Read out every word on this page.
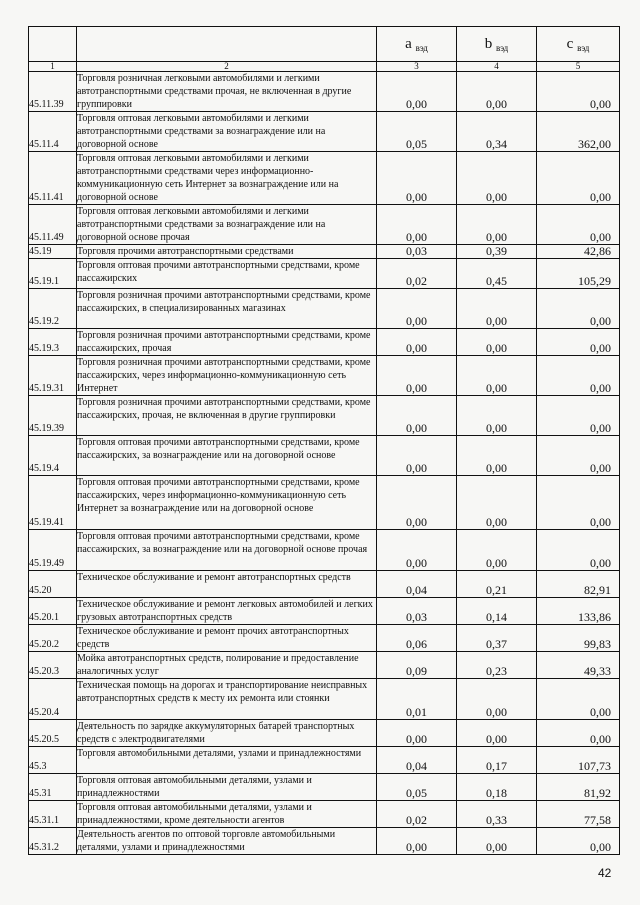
		a $_{вэд}$	b $_{вэд}$	c $_{вэд}$
1	2	3	4	5
45.11.39	Торговля розничная легковыми автомобилями и легкими автотранспортными средствами прочая, не включенная в другие группировки	0,00	0,00	0,00
45.11.4	Торговля оптовая легковыми автомобилями и легкими автотранспортными средствами за вознаграждение или на договорной основе	0,05	0,34	362,00
45.11.41	Торговля оптовая легковыми автомобилями и легкими автотранспортными средствами через информационно-коммуникационную сеть Интернет за вознаграждение или на договорной основе	0,00	0,00	0,00
45.11.49	Торговля оптовая легковыми автомобилями и легкими автотранспортными средствами за вознаграждение или на договорной основе прочая	0,00	0,00	0,00
45.19	Торговля прочими автотранспортными средствами	0,03	0,39	42,86
45.19.1	Торговля оптовая прочими автотранспортными средствами, кроме пассажирских	0,02	0,45	105,29
45.19.2	Торговля розничная прочими автотранспортными средствами, кроме пассажирских, в специализированных магазинах	0,00	0,00	0,00
45.19.3	Торговля розничная прочими автотранспортными средствами, кроме пассажирских, прочая	0,00	0,00	0,00
45.19.31	Торговля розничная прочими автотранспортными средствами, кроме пассажирских, через информационно-коммуникационную сеть Интернет	0,00	0,00	0,00
45.19.39	Торговля розничная прочими автотранспортными средствами, кроме пассажирских, прочая, не включенная в другие группировки	0,00	0,00	0,00
45.19.4	Торговля оптовая прочими автотранспортными средствами, кроме пассажирских, за вознаграждение или на договорной основе	0,00	0,00	0,00
45.19.41	Торговля оптовая прочими автотранспортными средствами, кроме пассажирских, через информационно-коммуникационную сеть Интернет за вознаграждение или на договорной основе	0,00	0,00	0,00
45.19.49	Торговля оптовая прочими автотранспортными средствами, кроме пассажирских, за вознаграждение или на договорной основе прочая	0,00	0,00	0,00
45.20	Техническое обслуживание и ремонт автотранспортных средств	0,04	0,21	82,91
45.20.1	Техническое обслуживание и ремонт легковых автомобилей и легких грузовых автотранспортных средств	0,03	0,14	133,86
45.20.2	Техническое обслуживание и ремонт прочих автотранспортных средств	0,06	0,37	99,83
45.20.3	Мойка автотранспортных средств, полирование и предоставление аналогичных услуг	0,09	0,23	49,33
45.20.4	Техническая помощь на дорогах и транспортирование неисправных автотранспортных средств к месту их ремонта или стоянки	0,01	0,00	0,00
45.20.5	Деятельность по зарядке аккумуляторных батарей транспортных средств с электродвигателями	0,00	0,00	0,00
45.3	Торговля автомобильными деталями, узлами и принадлежностями	0,04	0,17	107,73
45.31	Торговля оптовая автомобильными деталями, узлами и принадлежностями	0,05	0,18	81,92
45.31.1	Торговля оптовая автомобильными деталями, узлами и принадлежностями, кроме деятельности агентов	0,02	0,33	77,58
45.31.2	Деятельность агентов по оптовой торговле автомобильными деталями, узлами и принадлежностями	0,00	0,00	0,00
42
